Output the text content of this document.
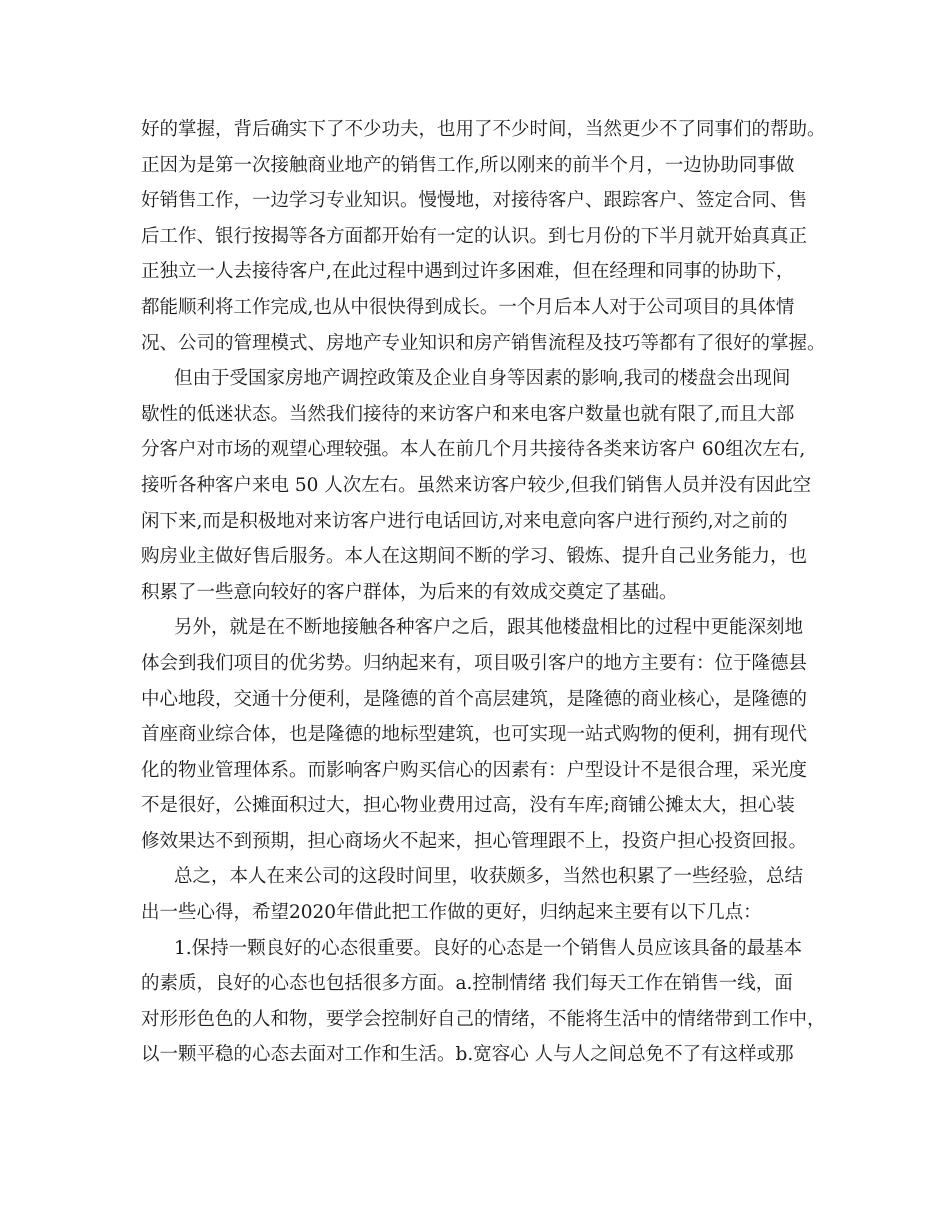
好的掌握，背后确实下了不少功夫，也用了不少时间，当然更少不了同事们的帮助。
正因为是第一次接触商业地产的销售工作,所以刚来的前半个月，一边协助同事做
好销售工作，一边学习专业知识。慢慢地，对接待客户、跟踪客户、签定合同、售
后工作、银行按揭等各方面都开始有一定的认识。到七月份的下半月就开始真真正
正独立一人去接待客户,在此过程中遇到过许多困难，但在经理和同事的协助下，
都能顺利将工作完成,也从中很快得到成长。一个月后本人对于公司项目的具体情
况、公司的管理模式、房地产专业知识和房产销售流程及技巧等都有了很好的掌握。
但由于受国家房地产调控政策及企业自身等因素的影响,我司的楼盘会出现间
歇性的低迷状态。当然我们接待的来访客户和来电客户数量也就有限了,而且大部
分客户对市场的观望心理较强。本人在前几个月共接待各类来访客户 60组次左右,
接听各种客户来电 50 人次左右。虽然来访客户较少,但我们销售人员并没有因此空
闲下来,而是积极地对来访客户进行电话回访,对来电意向客户进行预约,对之前的
购房业主做好售后服务。本人在这期间不断的学习、锻炼、提升自己业务能力，也
积累了一些意向较好的客户群体，为后来的有效成交奠定了基础。
另外，就是在不断地接触各种客户之后，跟其他楼盘相比的过程中更能深刻地
体会到我们项目的优劣势。归纳起来有，项目吸引客户的地方主要有：位于隆德县
中心地段，交通十分便利，是隆德的首个高层建筑，是隆德的商业核心，是隆德的
首座商业综合体，也是隆德的地标型建筑，也可实现一站式购物的便利，拥有现代
化的物业管理体系。而影响客户购买信心的因素有：户型设计不是很合理，采光度
不是很好，公摊面积过大，担心物业费用过高，没有车库;商铺公摊太大，担心装
修效果达不到预期，担心商场火不起来，担心管理跟不上，投资户担心投资回报。
总之，本人在来公司的这段时间里，收获颇多，当然也积累了一些经验，总结
出一些心得，希望2020年借此把工作做的更好，归纳起来主要有以下几点：
1.保持一颗良好的心态很重要。良好的心态是一个销售人员应该具备的最基本
的素质，良好的心态也包括很多方面。a.控制情绪 我们每天工作在销售一线，面
对形形色色的人和物，要学会控制好自己的情绪，不能将生活中的情绪带到工作中，
以一颗平稳的心态去面对工作和生活。b.宽容心 人与人之间总免不了有这样或那
